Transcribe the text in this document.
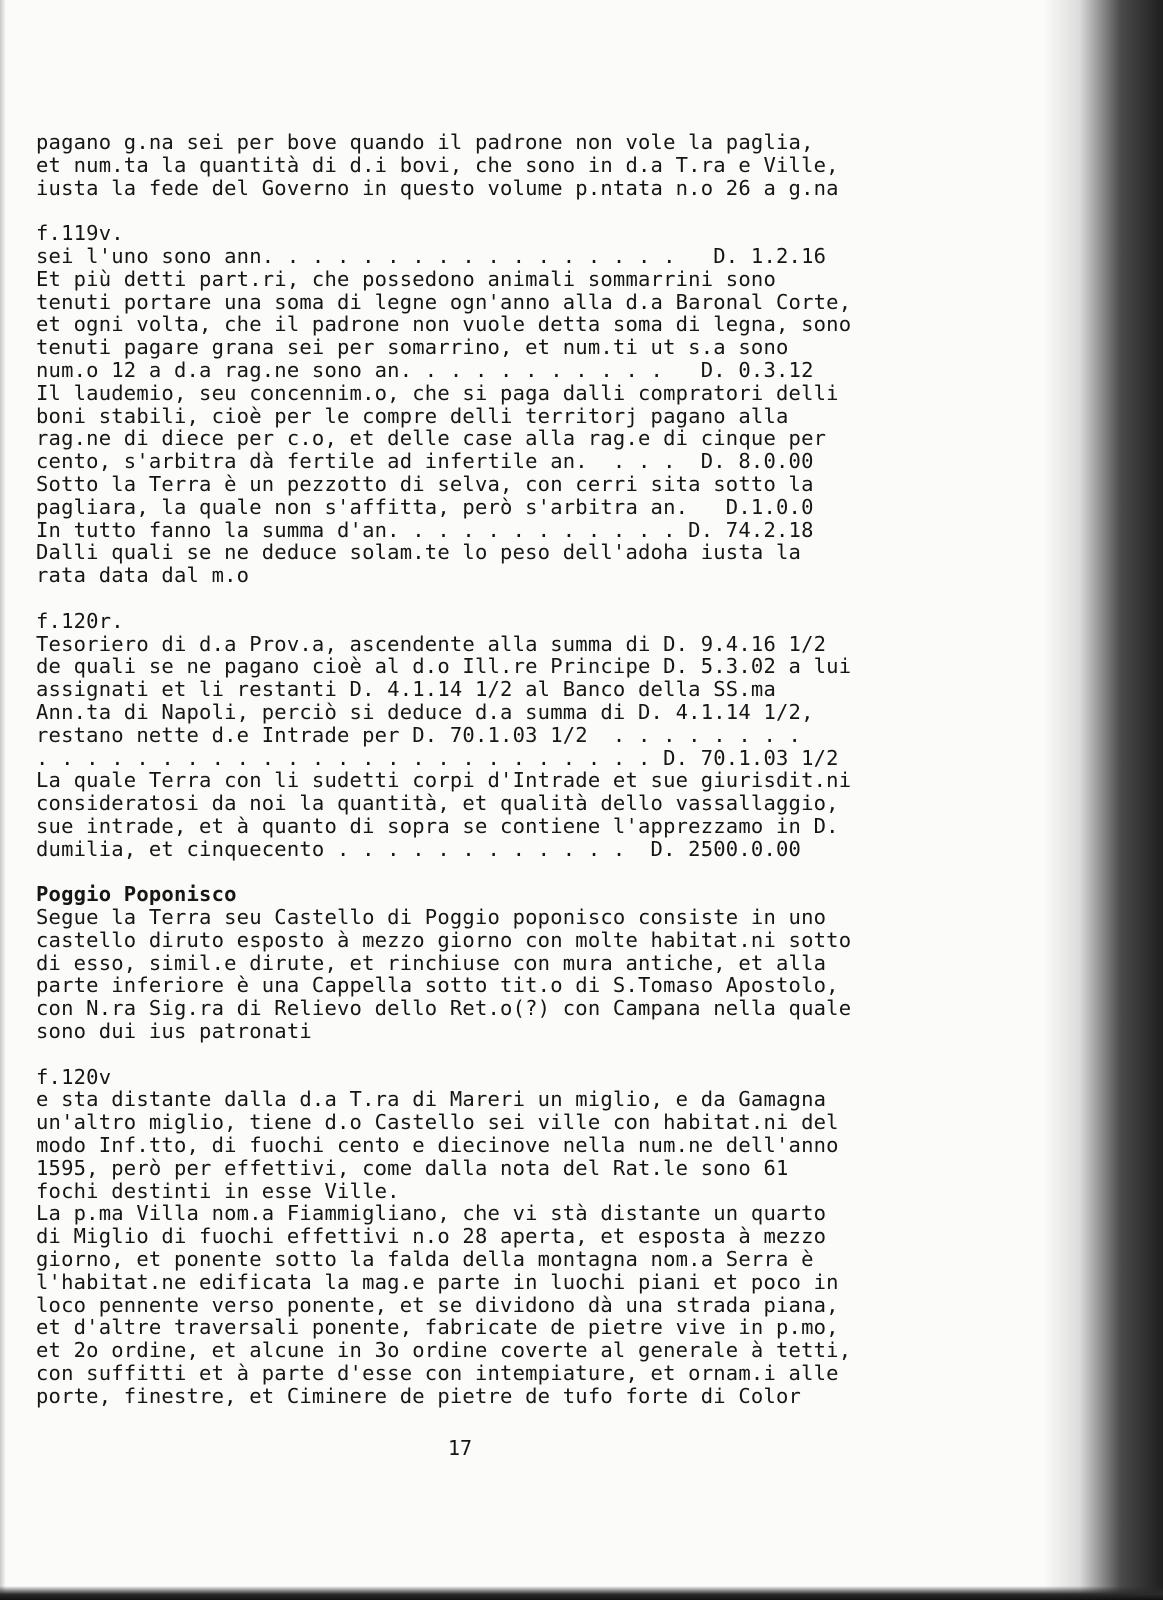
pagano g.na sei per bove quando il padrone non vole la paglia,
et num.ta la quantità di d.i bovi, che sono in d.a T.ra e Ville,
iusta la fede del Governo in questo volume p.ntata n.o 26 a g.na
f.119v.
sei l'uno sono ann. . . . . . . . . . . . . . . . .   D. 1.2.16
Et più detti part.ri, che possedono animali sommarrini sono
tenuti portare una soma di legne ogn'anno alla d.a Baronal Corte,
et ogni volta, che il padrone non vuole detta soma di legna, sono
tenuti pagare grana sei per somarrino, et num.ti ut s.a sono
num.o 12 a d.a rag.ne sono an. . . . . . . . . . .   D. 0.3.12
Il laudemio, seu concennim.o, che si paga dalli compratori delli
boni stabili, cioè per le compre delli territorj pagano alla
rag.ne di diece per c.o, et delle case alla rag.e di cinque per
cento, s'arbitra dà fertile ad infertile an.  . . .  D. 8.0.00
Sotto la Terra è un pezzotto di selva, con cerri sita sotto la
pagliara, la quale non s'affitta, però s'arbitra an.   D.1.0.0
In tutto fanno la summa d'an. . . . . . . . . . . . D. 74.2.18
Dalli quali se ne deduce solam.te lo peso dell'adoha iusta la
rata data dal m.o
f.120r.
Tesoriero di d.a Prov.a, ascendente alla summa di D. 9.4.16 1/2
de quali se ne pagano cioè al d.o Ill.re Principe D. 5.3.02 a lui
assignati et li restanti D. 4.1.14 1/2 al Banco della SS.ma
Ann.ta di Napoli, perciò si deduce d.a summa di D. 4.1.14 1/2,
restano nette d.e Intrade per D. 70.1.03 1/2  . . . . . . . .
. . . . . . . . . . . . . . . . . . . . . . . . . D. 70.1.03 1/2
La quale Terra con li sudetti corpi d'Intrade et sue giurisdit.ni
consideratosi da noi la quantità, et qualità dello vassallaggio,
sue intrade, et à quanto di sopra se contiene l'apprezzamo in D.
dumilia, et cinquecento . . . . . . . . . . . .  D. 2500.0.00
Poggio Poponisco
Segue la Terra seu Castello di Poggio poponisco consiste in uno
castello diruto esposto à mezzo giorno con molte habitat.ni sotto
di esso, simil.e dirute, et rinchiuse con mura antiche, et alla
parte inferiore è una Cappella sotto tit.o di S.Tomaso Apostolo,
con N.ra Sig.ra di Relievo dello Ret.o(?) con Campana nella quale
sono dui ius patronati
f.120v
e sta distante dalla d.a T.ra di Mareri un miglio, e da Gamagna
un'altro miglio, tiene d.o Castello sei ville con habitat.ni del
modo Inf.tto, di fuochi cento e diecinove nella num.ne dell'anno
1595, però per effettivi, come dalla nota del Rat.le sono 61
fochi destinti in esse Ville.
La p.ma Villa nom.a Fiammigliano, che vi stà distante un quarto
di Miglio di fuochi effettivi n.o 28 aperta, et esposta à mezzo
giorno, et ponente sotto la falda della montagna nom.a Serra è
l'habitat.ne edificata la mag.e parte in luochi piani et poco in
loco pennente verso ponente, et se dividono dà una strada piana,
et d'altre traversali ponente, fabricate de pietre vive in p.mo,
et 2o ordine, et alcune in 3o ordine coverte al generale à tetti,
con suffitti et à parte d'esse con intempiature, et ornam.i alle
porte, finestre, et Ciminere de pietre de tufo forte di Color
17
